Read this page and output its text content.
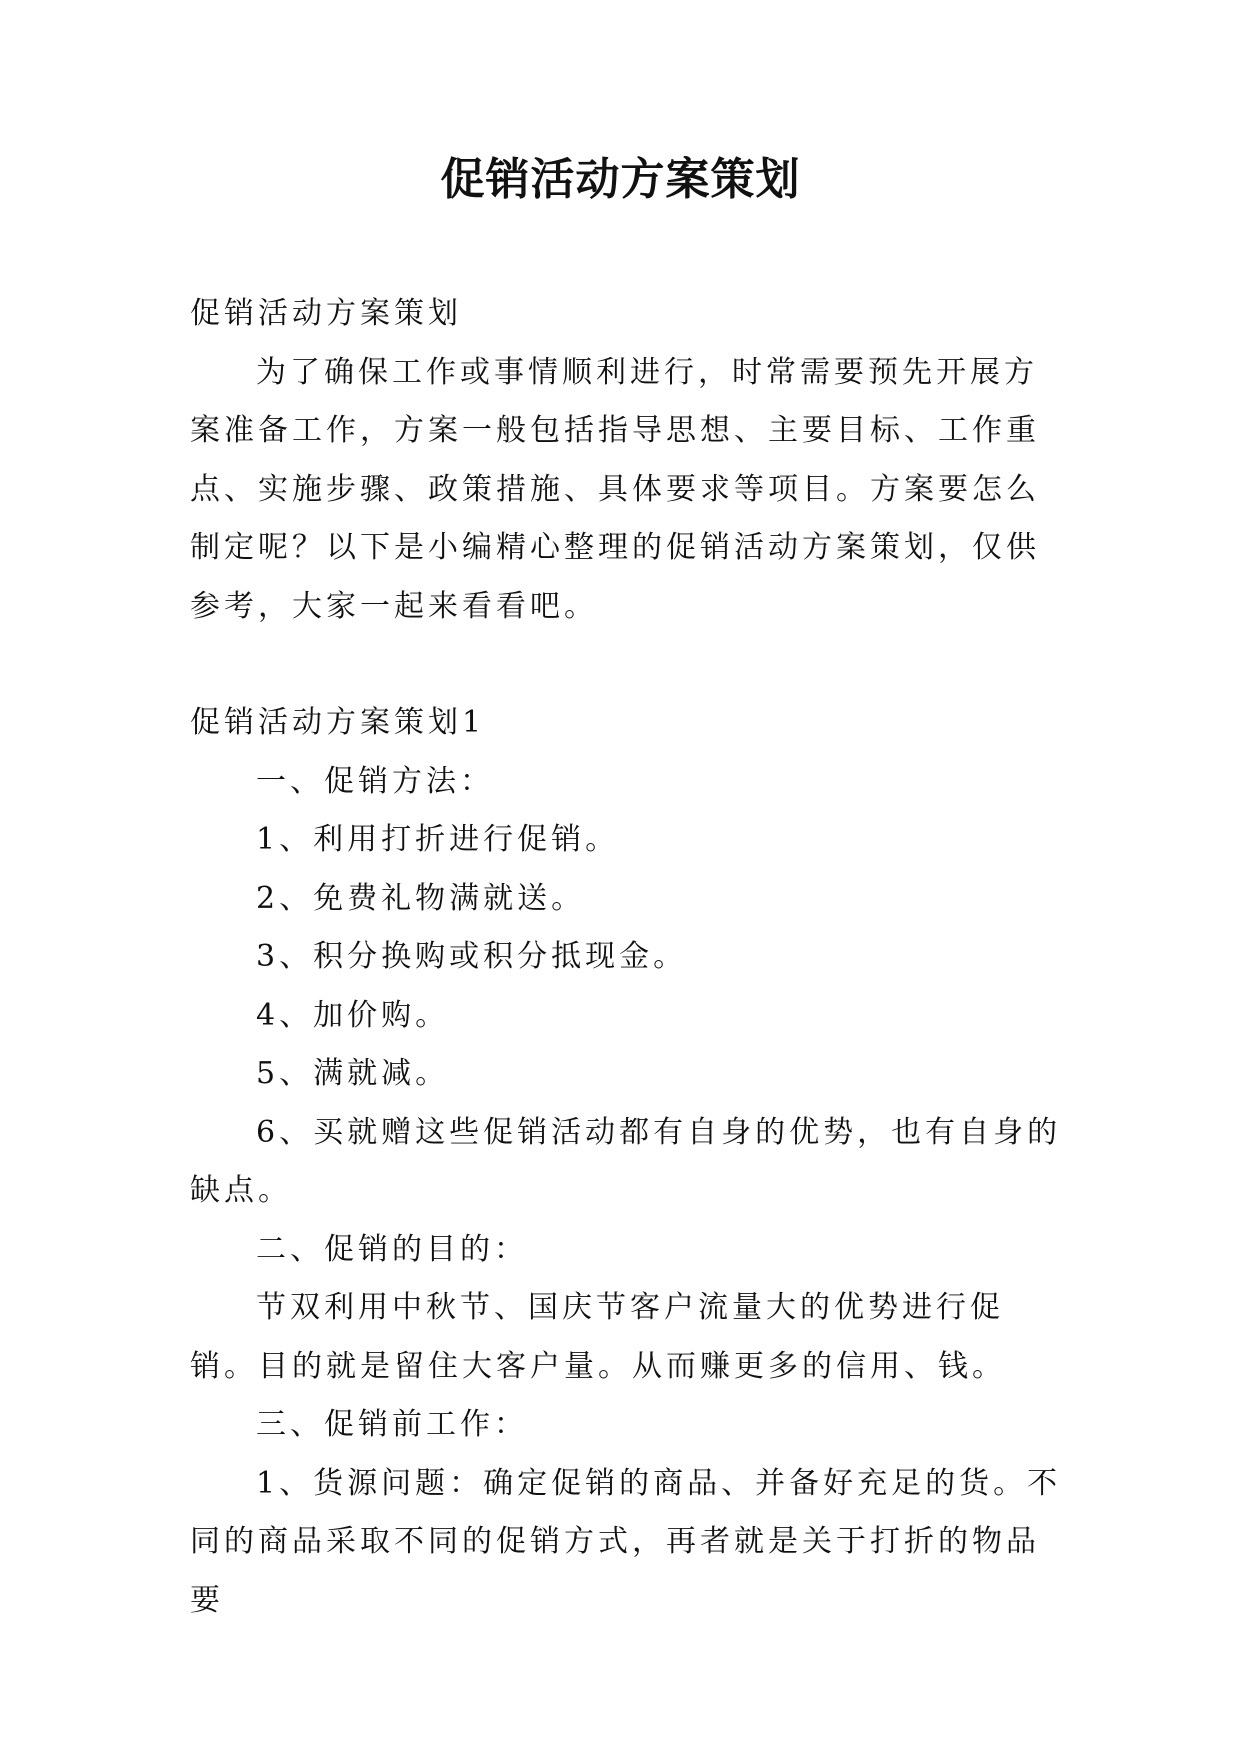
促销活动方案策划

促销活动方案策划

为了确保工作或事情顺利进行，时常需要预先开展方案准备工作，方案一般包括指导思想、主要目标、工作重点、实施步骤、政策措施、具体要求等项目。方案要怎么制定呢？以下是小编精心整理的促销活动方案策划，仅供参考，大家一起来看看吧。

促销活动方案策划1

一、促销方法：

1、利用打折进行促销。

2、免费礼物满就送。

3、积分换购或积分抵现金。

4、加价购。

5、满就减。

6、买就赠这些促销活动都有自身的优势，也有自身的缺点。

二、促销的目的：

节双利用中秋节、国庆节客户流量大的优势进行促销。目的就是留住大客户量。从而赚更多的信用、钱。

三、促销前工作：

1、货源问题：确定促销的商品、并备好充足的货。不同的商品采取不同的促销方式，再者就是关于打折的物品要
